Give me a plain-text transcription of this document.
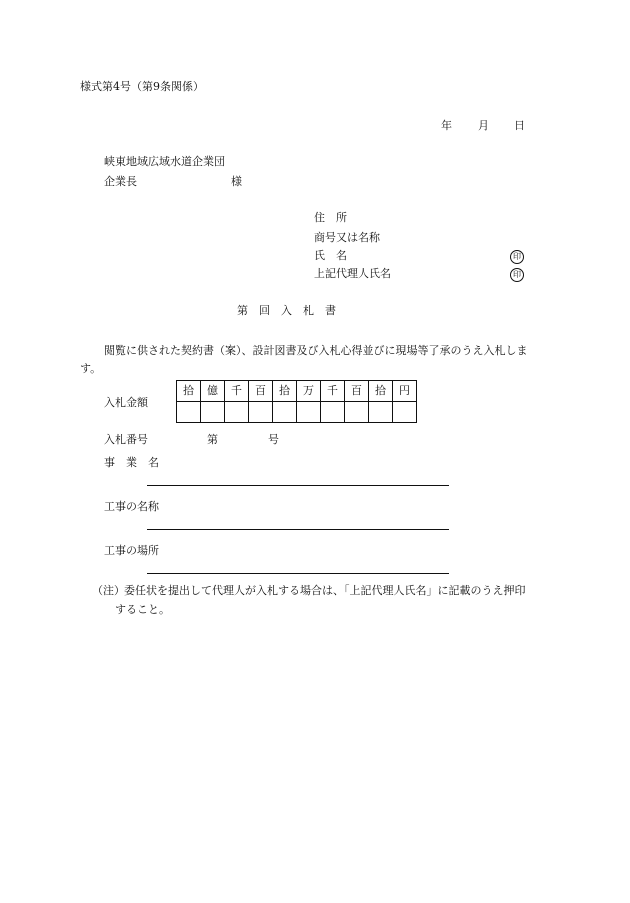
様式第4号（第9条関係）
年 月 日
峡東地域広域水道企業団
企業長	様
住　所
商号又は名称
氏　名	印
上記代理人氏名	印
第　回　入　札　書
閲覧に供された契約書（案）、設計図書及び入札心得並びに現場等了承のうえ入札しま
す。
入札金額
拾	億	千	百	拾	万	千	百	拾	円

入札番号	第	号
事　業　名
工事の名称
工事の場所
（注） 委任状を提出して代理人が入札する場合は、「上記代理人氏名」に記載のうえ押印
すること。
